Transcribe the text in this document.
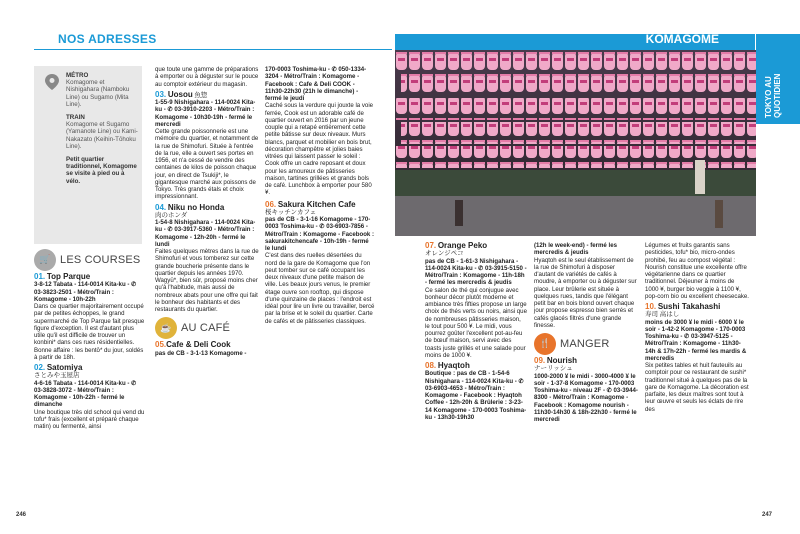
NOS ADRESSES	KOMAGOME
TOKYO AU QUOTIDIEN

MÉTRO
Komagome et Nishigahara (Namboku Line) ou Sugamo (Mita Line).

TRAIN
Komagome et Sugamo (Yamanote Line) ou Kami-Nakazato (Keihin-Tōhoku Line).

Petit quartier traditionnel, Komagome se visite à pied ou à vélo.

🛒 LES COURSES

01. Top Parque

3-8-12 Tabata - 114-0014 Kita-ku - ✆ 03-3823-2501 - Métro/Train : Komagome - 10h-22h

Dans ce quartier majoritairement occupé par de petites échoppes, le grand supermarché de Top Parque fait presque figure d'exception. Il est d'autant plus utile qu'il est difficile de trouver un konbini* dans ces rues résidentielles. Bonne affaire : les bentō* du jour, soldés à partir de 18h.

02. Satomiya

さとみや玉屋店

4-6-16 Tabata - 114-0014 Kita-ku - ✆ 03-3828-3072 - Métro/Train : Komagome - 10h-22h - fermé le dimanche

Une boutique très old school qui vend du tofu* frais (excellent et préparé chaque matin) ou fermenté, ainsi

que toute une gamme de préparations à emporter ou à déguster sur le pouce au comptoir extérieur du magasin.

03. Uosou 魚惣

1-55-9 Nishigahara - 114-0024 Kita-ku - ✆ 03-3910-2203 - Métro/Train : Komagome - 10h30-19h - fermé le mercredi

Cette grande poissonnerie est une mémoire du quartier, et notamment de la rue de Shimofuri. Située à l'entrée de la rue, elle a ouvert ses portes en 1956, et n'a cessé de vendre des centaines de kilos de poisson chaque jour, en direct de Tsukiji*, le gigantesque marché aux poissons de Tokyo. Très grands étals et choix impressionnant.

04. Niku no Honda

肉のホンダ

1-54-8 Nishigahara - 114-0024 Kita-ku - ✆ 03-3917-5360 - Métro/Train : Komagome - 12h-20h - fermé le lundi

Faites quelques mètres dans la rue de Shimofuri et vous tomberez sur cette grande boucherie présente dans le quartier depuis les années 1970. Wagyū*, bien sûr, proposé moins cher qu'à l'habitude, mais aussi de nombreux abats pour une offre qui fait le bonheur des habitants et des restaurants du quartier.

☕ AU CAFÉ

05.Cafe & Deli Cook

pas de CB - 3-1-13 Komagome -

170-0003 Toshima-ku - ✆ 050-1334-3204 - Métro/Train : Komagome - Facebook : Cafe & Deli COOK - 11h30-22h30 (21h le dimanche) - fermé le jeudi

Caché sous la verdure qui jouxte la voie ferrée, Cook est un adorable café de quartier ouvert en 2016 par un jeune couple qui a retapé entièrement cette petite bâtisse sur deux niveaux. Murs blancs, parquet et mobilier en bois brut, décoration champêtre et jolies baies vitrées qui laissent passer le soleil : Cook offre un cadre reposant et doux pour les amoureux de pâtisseries maison, tartines grillées et grands bols de café. Lunchbox à emporter pour 580 ¥.

06. Sakura Kitchen Cafe

桜キッチンカフェ

pas de CB - 3-1-16 Komagome - 170-0003 Toshima-ku - ✆ 03-6903-7856 - Métro/Train : Komagome - Facebook : sakurakitchencafe - 10h-19h - fermé le lundi

C'est dans des ruelles désertées du nord de la gare de Komagome que l'on peut tomber sur ce café occupant les deux niveaux d'une petite maison de ville. Les beaux jours venus, le premier étage ouvre son rooftop, qui dispose d'une quinzaine de places : l'endroit est idéal pour lire un livre ou travailler, bercé par la brise et le soleil du quartier. Carte de cafés et de pâtisseries classiques.

07. Orange Peko

オレンジペコ

pas de CB - 1-61-3 Nishigahara - 114-0024 Kita-ku - ✆ 03-3915-5150 - Métro/Train : Komagome - 11h-18h - fermé les mercredis & jeudis

Ce salon de thé qui conjugue avec bonheur décor plutôt moderne et ambiance très fifties propose un large choix de thés verts ou noirs, ainsi que de nombreuses pâtisseries maison, le tout pour 500 ¥. Le midi, vous pourrez goûter l'excellent pot-au-feu de bœuf maison, servi avec des toasts juste grillés et une salade pour moins de 1000 ¥.

08. Hyaqtoh

Boutique : pas de CB - 1-54-6 Nishigahara - 114-0024 Kita-ku - ✆ 03-6903-4653 - Métro/Train : Komagome - Facebook : Hyaqtoh Coffee - 12h-20h & Brûlerie : 3-23-14 Komagome - 170-0003 Toshima-ku - 13h30-19h30

(12h le week-end) - fermé les mercredis & jeudis

Hyaqtoh est le seul établissement de la rue de Shimofuri à disposer d'autant de variétés de cafés à moudre, à emporter ou à déguster sur place. Leur brûlerie est située à quelques rues, tandis que l'élégant petit bar en bois blond ouvert chaque jour propose espresso bien serrés et cafés glacés filtrés d'une grande finesse.

🍴 MANGER

09. Nourish

ナーリッシュ

1000-2000 ¥ le midi - 3000-4000 ¥ le soir - 1-37-8 Komagome - 170-0003 Toshima-ku - niveau 2F - ✆ 03-3944-8300 - Métro/Train : Komagome - Facebook : Komagome nourish - 11h30-14h30 & 18h-22h30 - fermé le mercredi

Légumes et fruits garantis sans pesticides, tofu* bio, micro-ondes prohibé, feu au compost végétal : Nourish constitue une excellente offre végétarienne dans ce quartier traditionnel. Déjeuner à moins de 1000 ¥, burger bio veggie à 1100 ¥, pop-corn bio ou excellent cheesecake.

10. Sushi Takahashi

寿司 高はし

moins de 3000 ¥ le midi - 6000 ¥ le soir - 1-42-2 Komagome - 170-0003 Toshima-ku - ✆ 03-3947-5125 - Métro/Train : Komagome - 11h30-14h & 17h-22h - fermé les mardis & mercredis

Six petites tables et huit fauteuils au comptoir pour ce restaurant de sushi* traditionnel situé à quelques pas de la gare de Komagome. La décoration est parfaite, les deux maîtres sont tout à leur œuvre et seuls les éclats de rire des

246	247
